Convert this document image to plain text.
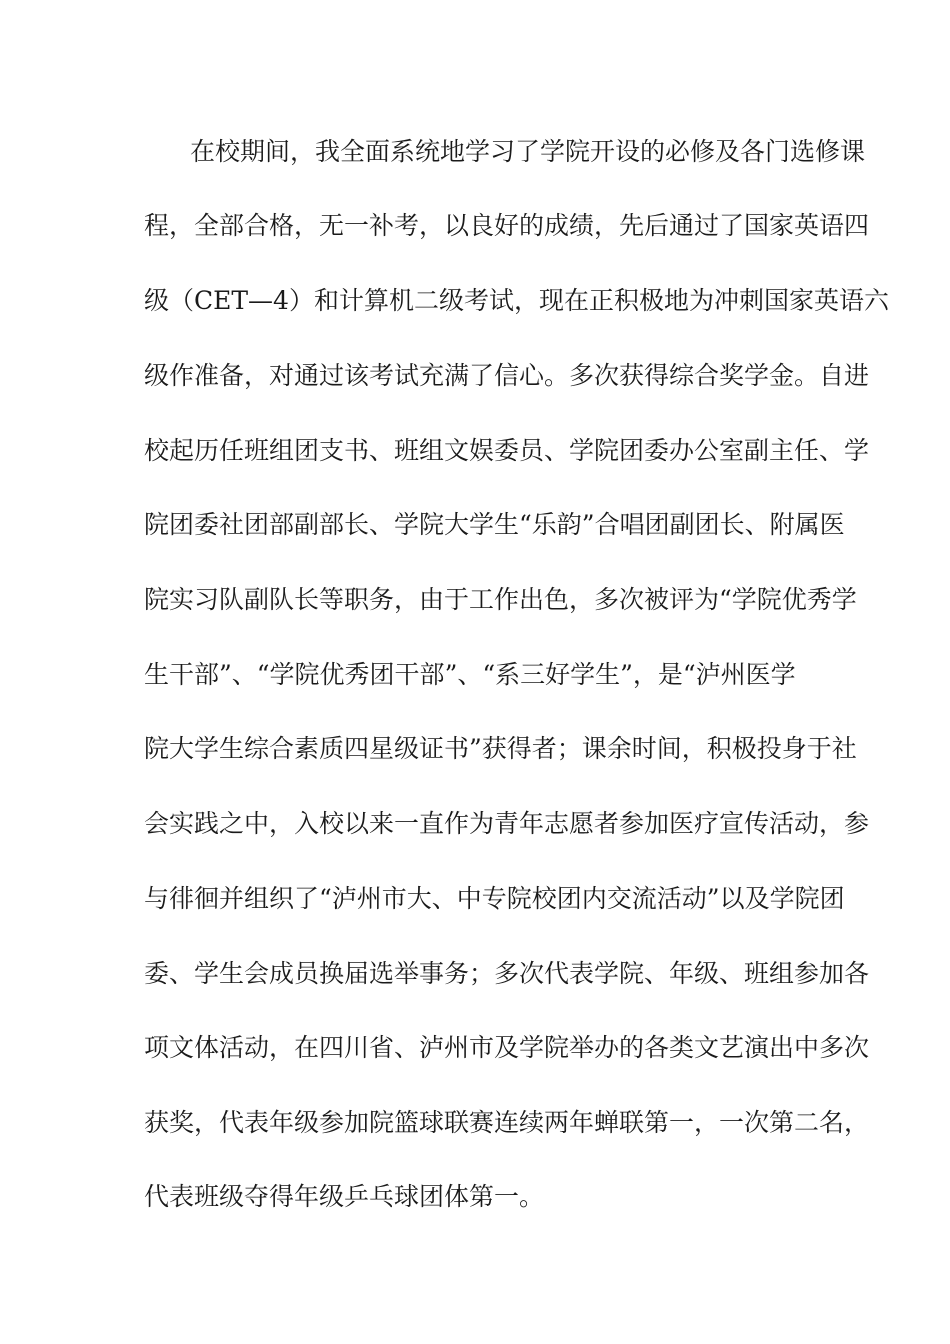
在校期间，我全面系统地学习了学院开设的必修及各门选修课
程，全部合格，无一补考，以良好的成绩，先后通过了国家英语四
级（CET—4）和计算机二级考试，现在正积极地为冲刺国家英语六
级作准备，对通过该考试充满了信心。多次获得综合奖学金。自进
校起历任班组团支书、班组文娱委员、学院团委办公室副主任、学
院团委社团部副部长、学院大学生“乐韵”合唱团副团长、附属医
院实习队副队长等职务，由于工作出色，多次被评为“学院优秀学
生干部”、“学院优秀团干部”、“系三好学生”，是“泸州医学
院大学生综合素质四星级证书”获得者；课余时间，积极投身于社
会实践之中，入校以来一直作为青年志愿者参加医疗宣传活动，参
与徘徊并组织了“泸州市大、中专院校团内交流活动”以及学院团
委、学生会成员换届选举事务；多次代表学院、年级、班组参加各
项文体活动，在四川省、泸州市及学院举办的各类文艺演出中多次
获奖，代表年级参加院篮球联赛连续两年蝉联第一，一次第二名，
代表班级夺得年级乒乓球团体第一。
